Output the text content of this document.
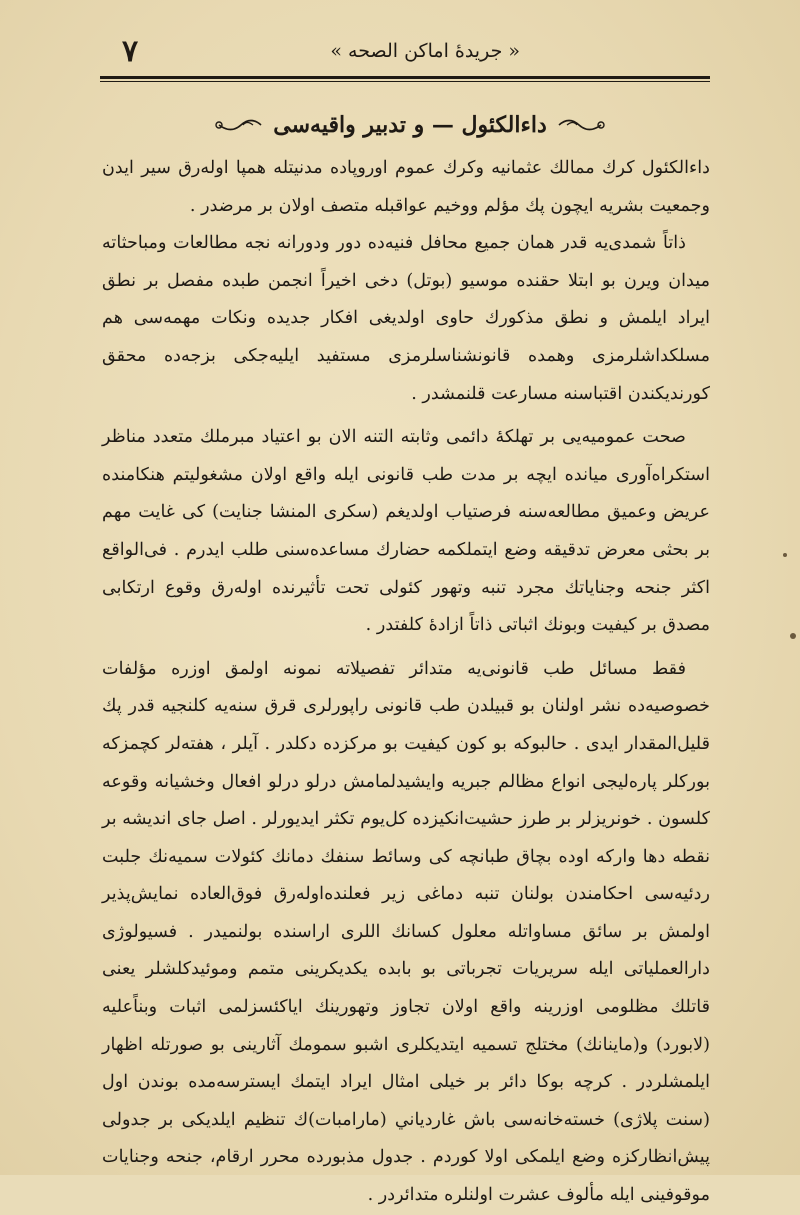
« جريدهٔ اماكن الصحه »
٧
داءالكئول — و تدبير واقيه‌سى

داءالكئول كرك ممالك عثمانيه وكرك عموم اوروپاده مدنيتله همپا اوله‌رق سير ايدن وجمعيت بشريه ايچون پك مؤلم ووخيم عواقبله متصف اولان بر مرضدر .

ذاتاً شمدى‌يه قدر همان جميع محافل فنيه‌ده دور ودورانه نجه مطالعات ومباحثاته ميدان ويرن بو ابتلا حقنده موسيو (بوتل) دخى اخيراً انجمن طبده مفصل بر نطق ايراد ايلمش و نطق مذكورك حاوى اولديغى افكار جديده ونكات مهمه‌سى هم مسلكداشلرمزى وهمده قانونشناسلرمزى مستفيد ايليه‌جكى بزجه‌ده محقق كورنديكندن اقتباسنه مسارعت قلنمشدر .

صحت عموميه‌يى بر تهلكهٔ دائمى وثابته التنه الان بو اعتياد مبرملك متعدد مناظر استكراه‌آورى ميانده ايچه بر مدت طب قانونى ايله واقع اولان مشغوليتم هنكامنده عريض وعميق مطالعه‌سنه فرصتياب اولديغم (سكرى المنشا جنايت) كى غايت مهم بر بحثى معرض تدقيقه وضع ايتملكمه حضارك مساعده‌سنى طلب ايدرم . فى‌الواقع اكثر جنحه وجناياتك مجرد تنبه وتهور كئولى تحت تأثيرنده اوله‌رق وقوع ارتكابى مصدق بر كيفيت وبونك اثباتى ذاتاً ازادهٔ كلفتدر .

فقط مسائل طب قانونى‌يه متدائر تفصيلاته نمونه اولمق اوزره مؤلفات خصوصيه‌ده نشر اولنان بو قبيلدن طب قانونى راپورلرى قرق سنه‌يه كلنجيه قدر پك قليل‌المقدار ايدى . حالبوكه بو كون كيفيت بو مركزده دكلدر . آيلر ، هفته‌لر كچمزكه بوركلر پاره‌ليجى انواع مظالم جبريه وايشيدلمامش درلو درلو افعال وخشيانه وقوعه كلسون . خونريزلر بر طرز حشيت‌انكيزده كل‌يوم تكثر ايديورلر . اصل جاى انديشه بر نقطه دها واركه اوده بچاق طبانچه كى وسائط سنفك دمانك كئولات سميه‌نك جلبت ردئيه‌سى احكامندن بولنان تنبه دماغى زير فعلنده‌اوله‌رق فوق‌العاده نمايش‌پذير اولمش بر سائق مساواتله معلول كسانك اللرى اراسنده بولنميدر . فسيولوژى دارالعملياتى ايله سريريات تجرباتى بو بابده يكديكرينى متمم وموئيد‌كلشلر يعنى قاتلك مظلومى اوزرينه واقع اولان تجاوز وتهورينك اياكئسزلمى اثبات وبناًعليه (لابورد) و(ماينانك) مختلج تسميه ايتديكلرى اشبو سمومك آثارينى بو صورتله اظهار ايلمشلردر . كرچه بوكا دائر بر خيلى امثال ايراد ايتمك ايسترسه‌مده بوندن اول (سنت پلاژى) خسته‌خانه‌سى باش غاردياني (مارامبات)ك تنظيم ايلديكى بر جدولى پيش‌انظاركزه وضع ايلمكى اولا كوردم . جدول مذبورده محرر ارقام، جنحه وجنايات موقوفينى ايله مألوف عشرت اولنلره متدائردر .
